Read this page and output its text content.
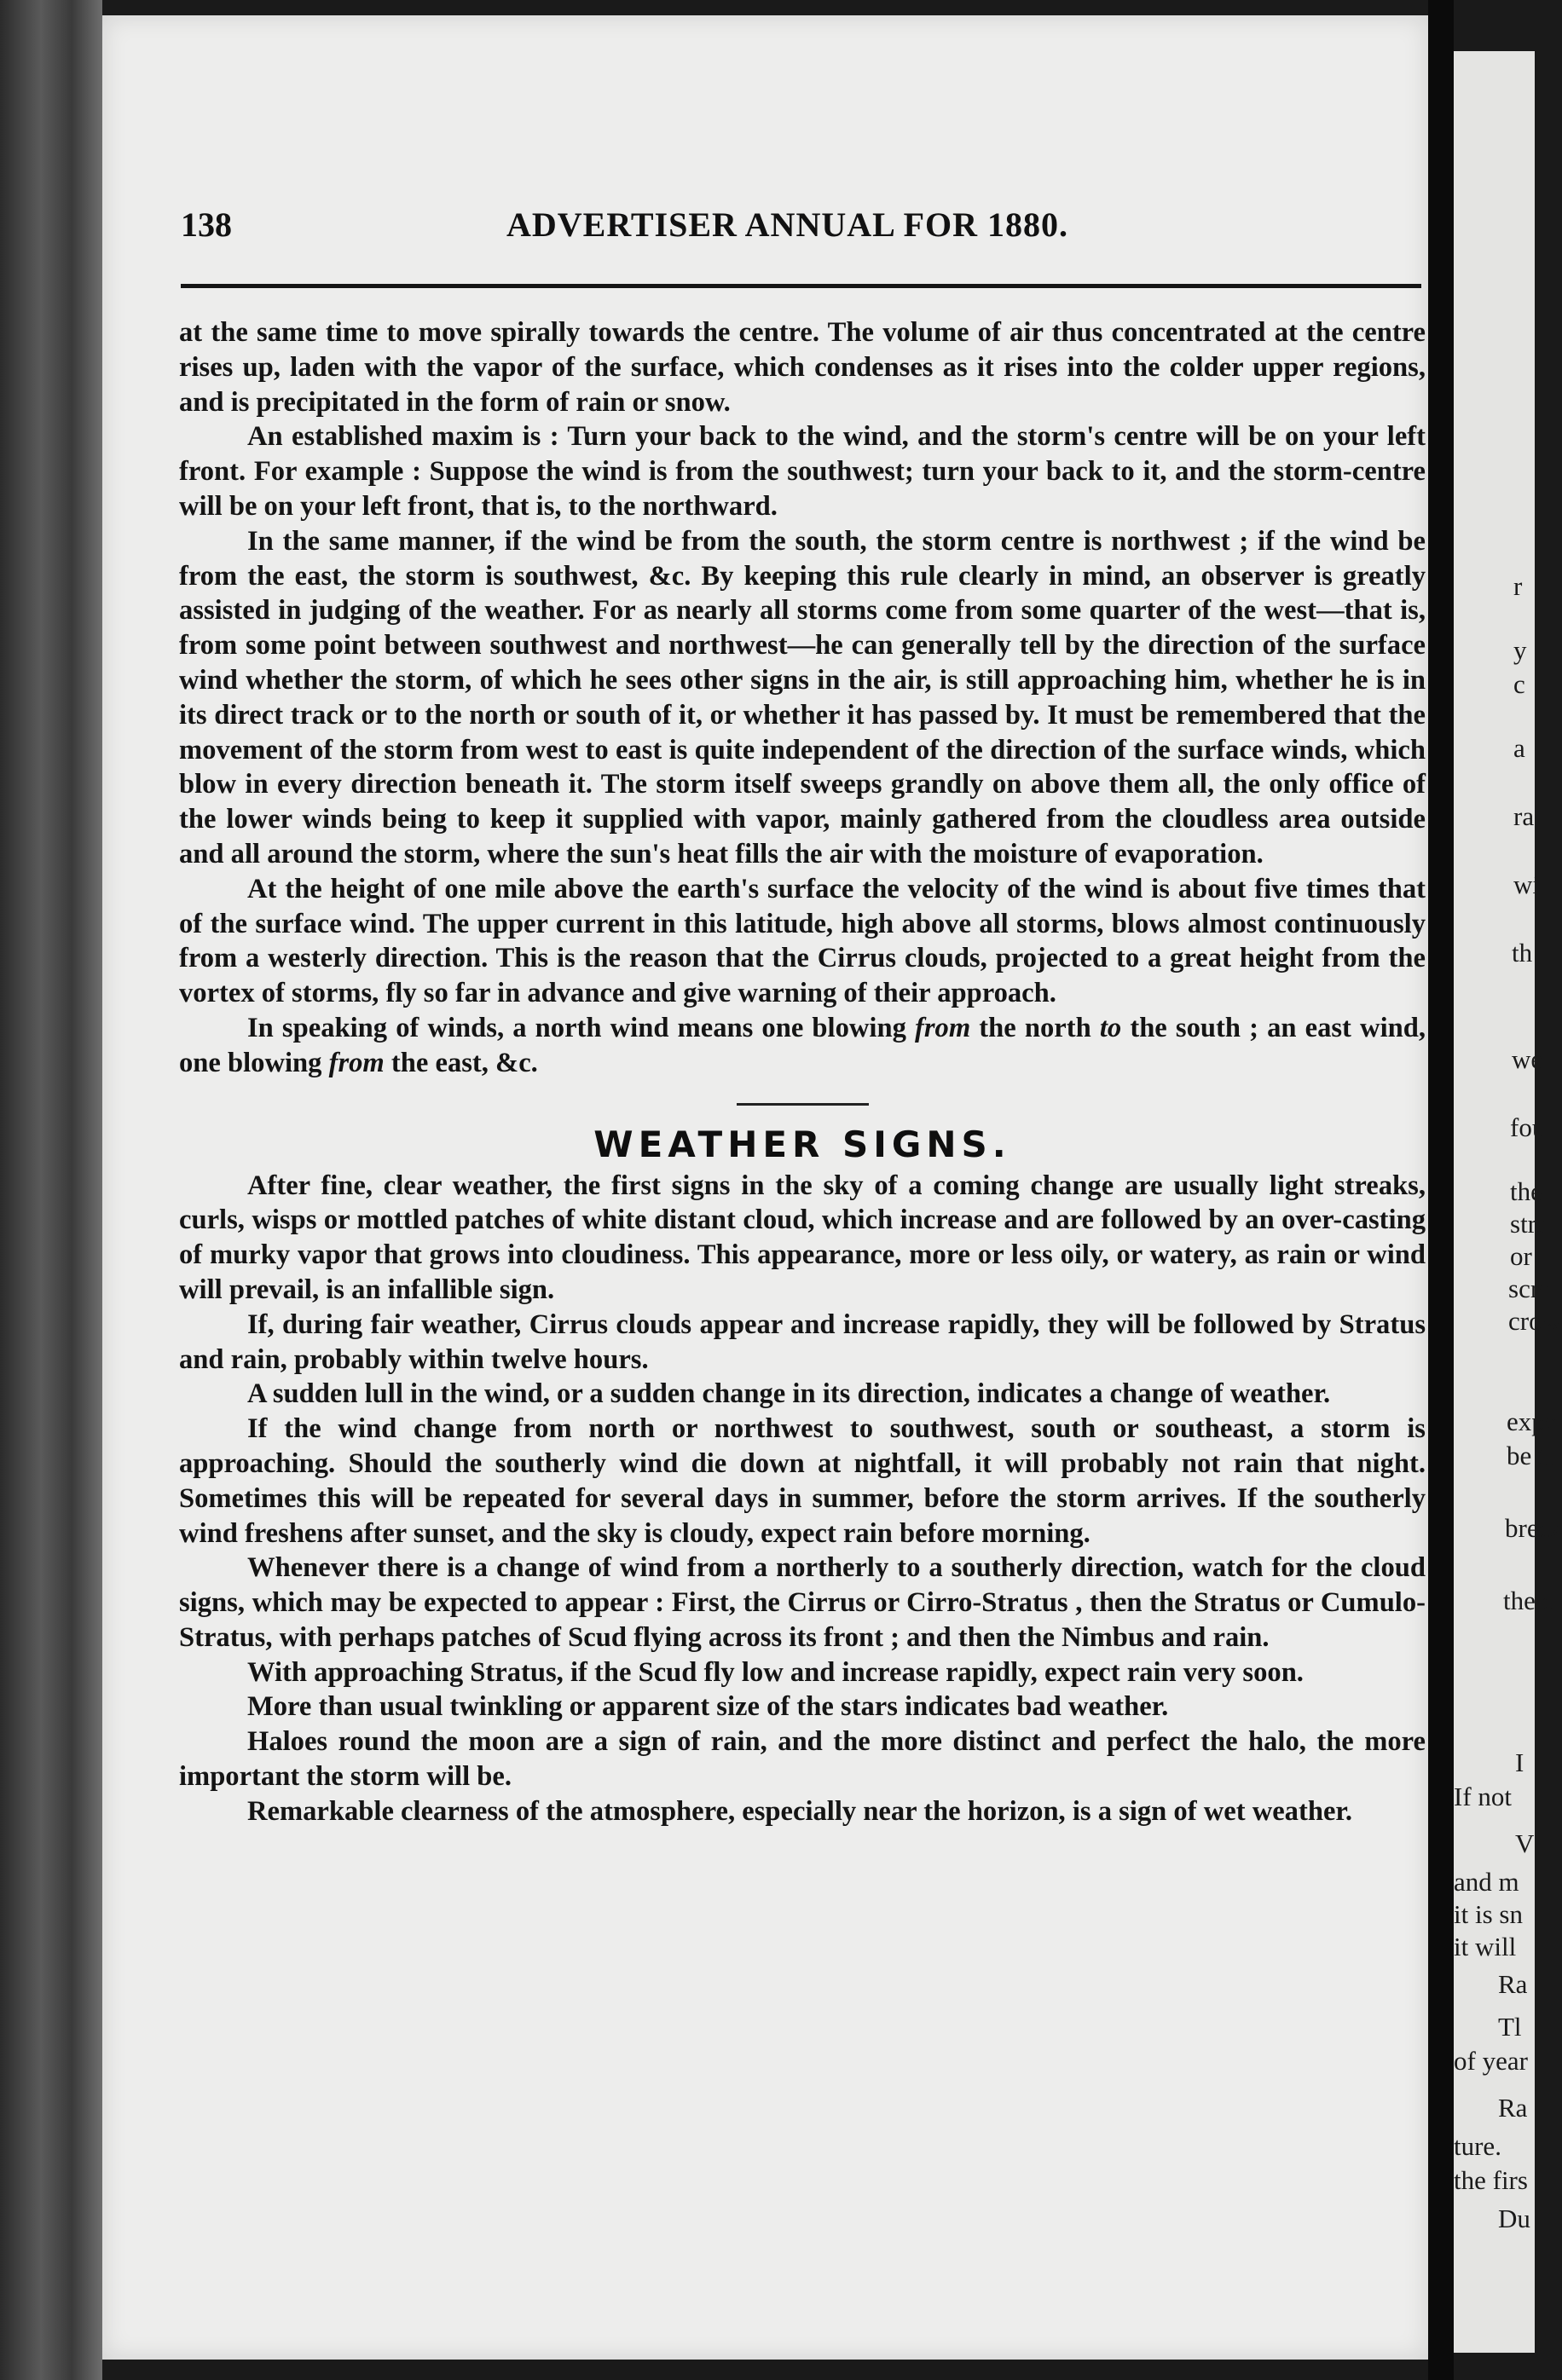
138	ADVERTISER ANNUAL FOR 1880.

at the same time to move spirally towards the centre. The volume of air thus concentrated at the centre rises up, laden with the vapor of the surface, which condenses as it rises into the colder upper regions, and is precipitated in the form of rain or snow.

An established maxim is : Turn your back to the wind, and the storm's centre will be on your left front. For example : Suppose the wind is from the southwest; turn your back to it, and the storm-centre will be on your left front, that is, to the northward.

In the same manner, if the wind be from the south, the storm centre is northwest ; if the wind be from the east, the storm is southwest, &c. By keeping this rule clearly in mind, an observer is greatly assisted in judging of the weather. For as nearly all storms come from some quarter of the west—that is, from some point between southwest and northwest—he can generally tell by the direction of the surface wind whether the storm, of which he sees other signs in the air, is still approaching him, whether he is in its direct track or to the north or south of it, or whether it has passed by. It must be remembered that the movement of the storm from west to east is quite independent of the direction of the surface winds, which blow in every direction beneath it. The storm itself sweeps grandly on above them all, the only office of the lower winds being to keep it supplied with vapor, mainly gathered from the cloudless area outside and all around the storm, where the sun's heat fills the air with the moisture of evaporation.

At the height of one mile above the earth's surface the velocity of the wind is about five times that of the surface wind. The upper current in this latitude, high above all storms, blows almost continuously from a westerly direction. This is the reason that the Cirrus clouds, projected to a great height from the vortex of storms, fly so far in advance and give warning of their approach.

In speaking of winds, a north wind means one blowing from the north to the south ; an east wind, one blowing from the east, &c.

WEATHER SIGNS.

After fine, clear weather, the first signs in the sky of a coming change are usually light streaks, curls, wisps or mottled patches of white distant cloud, which increase and are followed by an over-casting of murky vapor that grows into cloudiness. This appearance, more or less oily, or watery, as rain or wind will prevail, is an infallible sign.

If, during fair weather, Cirrus clouds appear and increase rapidly, they will be followed by Stratus and rain, probably within twelve hours.

A sudden lull in the wind, or a sudden change in its direction, indicates a change of weather.

If the wind change from north or northwest to southwest, south or southeast, a storm is approaching. Should the southerly wind die down at nightfall, it will probably not rain that night. Sometimes this will be repeated for several days in summer, before the storm arrives. If the southerly wind freshens after sunset, and the sky is cloudy, expect rain before morning.

Whenever there is a change of wind from a northerly to a southerly direction, watch for the cloud signs, which may be expected to appear : First, the Cirrus or Cirro-Stratus , then the Stratus or Cumulo-Stratus, with perhaps patches of Scud flying across its front ; and then the Nimbus and rain.

With approaching Stratus, if the Scud fly low and increase rapidly, expect rain very soon.

More than usual twinkling or apparent size of the stars indicates bad weather.

Haloes round the moon are a sign of rain, and the more distinct and perfect the halo, the more important the storm will be.

Remarkable clearness of the atmosphere, especially near the horizon, is a sign of wet weather.

r
y
c
a
ra
wi
th
we
fou
the
stra
or
scre
crow
expe
be tl
breez
the d
I
If not
V
and m
it is sn
it will
Ra
Tl
of year
Ra
ture.
the firs
Du
